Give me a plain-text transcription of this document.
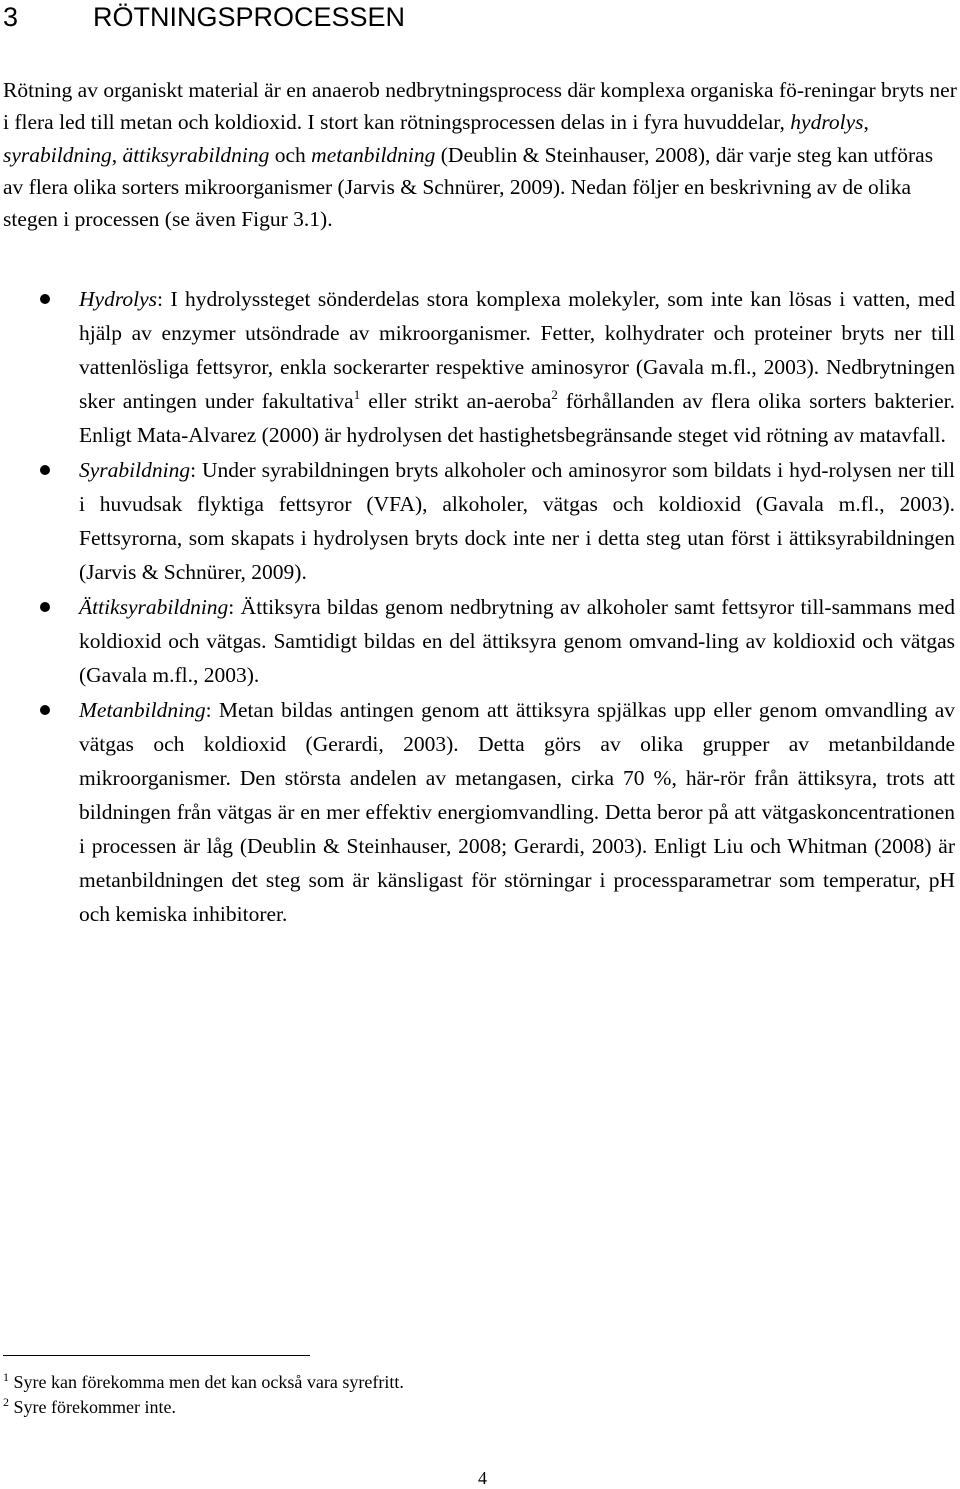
3	RÖTNINGSPROCESSEN

Rötning av organiskt material är en anaerob nedbrytningsprocess där komplexa organiska fö-reningar bryts ner i flera led till metan och koldioxid. I stort kan rötningsprocessen delas in i fyra huvuddelar, hydrolys, syrabildning, ättiksyrabildning och metanbildning (Deublin & Steinhauser, 2008), där varje steg kan utföras av flera olika sorters mikroorganismer (Jarvis & Schnürer, 2009). Nedan följer en beskrivning av de olika stegen i processen (se även Figur 3.1).

Hydrolys: I hydrolyssteget sönderdelas stora komplexa molekyler, som inte kan lösas i vatten, med hjälp av enzymer utsöndrade av mikroorganismer. Fetter, kolhydrater och proteiner bryts ner till vattenlösliga fettsyror, enkla sockerarter respektive aminosyror (Gavala m.fl., 2003). Nedbrytningen sker antingen under fakultativa$^1$ eller strikt an-aeroba$^2$ förhållanden av flera olika sorters bakterier. Enligt Mata-Alvarez (2000) är hydrolysen det hastighetsbegränsande steget vid rötning av matavfall.

Syrabildning: Under syrabildningen bryts alkoholer och aminosyror som bildats i hyd-rolysen ner till i huvudsak flyktiga fettsyror (VFA), alkoholer, vätgas och koldioxid (Gavala m.fl., 2003). Fettsyrorna, som skapats i hydrolysen bryts dock inte ner i detta steg utan först i ättiksyrabildningen (Jarvis & Schnürer, 2009).

Ättiksyrabildning: Ättiksyra bildas genom nedbrytning av alkoholer samt fettsyror till-sammans med koldioxid och vätgas. Samtidigt bildas en del ättiksyra genom omvand-ling av koldioxid och vätgas (Gavala m.fl., 2003).

Metanbildning: Metan bildas antingen genom att ättiksyra spjälkas upp eller genom omvandling av vätgas och koldioxid (Gerardi, 2003). Detta görs av olika grupper av metanbildande mikroorganismer. Den största andelen av metangasen, cirka 70 %, här-rör från ättiksyra, trots att bildningen från vätgas är en mer effektiv energiomvandling. Detta beror på att vätgaskoncentrationen i processen är låg (Deublin & Steinhauser, 2008; Gerardi, 2003). Enligt Liu och Whitman (2008) är metanbildningen det steg som är känsligast för störningar i processparametrar som temperatur, pH och kemiska inhibitorer.

$^1$ Syre kan förekomma men det kan också vara syrefritt.
$^2$ Syre förekommer inte.
4
